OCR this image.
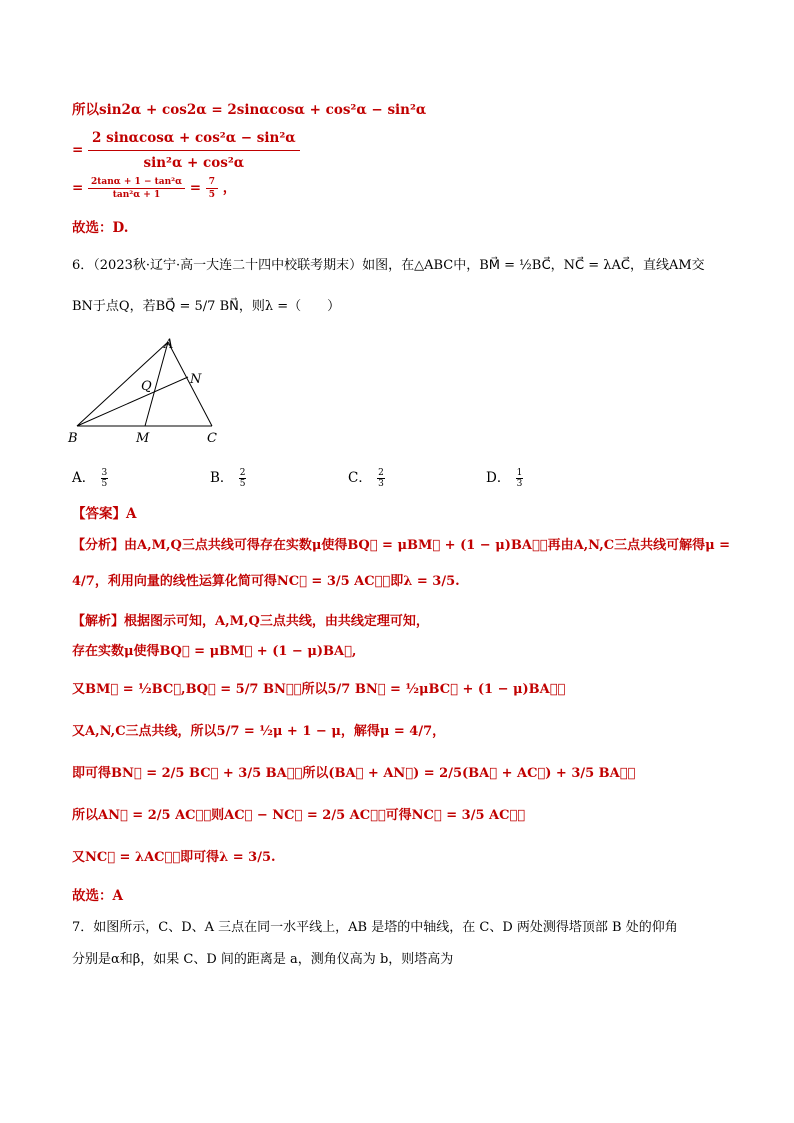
所以sin2α + cos2α = 2sinαcosα + cos²α − sin²α
= $\frac{\text{2 sinαcosα + cos²α − sin²α}}{\text{sin²α + cos²α}}$
= $\frac{\text{2tanα + 1 − tan²α}}{\text{tan²α + 1}} = \frac{7}{5}$ ，
故选：D.
6．（2023秋·辽宁·高一大连二十四中校联考期末）如图，在△ABC中，BM⃗ = ½BC⃗，NC⃗ = λAC⃗，直线AM交
BN于点Q，若BQ⃗ = 5/7 BN⃗，则λ =（　　）
A
B	C
M
N
Q
A． $\frac{3}{5}$	B． $\frac{2}{5}$	C． $\frac{2}{3}$	D． $\frac{1}{3}$
【答案】A
【分析】由A,M,Q三点共线可得存在实数μ使得BQ⃗ = μBM⃗ + (1 − μ)BA⃗，再由A,N,C三点共线可解得μ =
4/7，利用向量的线性运算化简可得NC⃗ = 3/5 AC⃗，即λ = 3/5.
【解析】根据图示可知，A,M,Q三点共线，由共线定理可知，
存在实数μ使得BQ⃗ = μBM⃗ + (1 − μ)BA⃗,
又BM⃗ = ½BC⃗,BQ⃗ = 5/7 BN⃗，所以5/7 BN⃗ = ½μBC⃗ + (1 − μ)BA⃗，
又A,N,C三点共线，所以5/7 = ½μ + 1 − μ，解得μ = 4/7，
即可得BN⃗ = 2/5 BC⃗ + 3/5 BA⃗，所以(BA⃗ + AN⃗) = 2/5(BA⃗ + AC⃗) + 3/5 BA⃗，
所以AN⃗ = 2/5 AC⃗，则AC⃗ − NC⃗ = 2/5 AC⃗，可得NC⃗ = 3/5 AC⃗，
又NC⃗ = λAC⃗，即可得λ = 3/5.
故选：A
7．如图所示，C、D、A 三点在同一水平线上，AB 是塔的中轴线，在 C、D 两处测得塔顶部 B 处的仰角
分别是α和β，如果 C、D 间的距离是 a，测角仪高为 b，则塔高为
